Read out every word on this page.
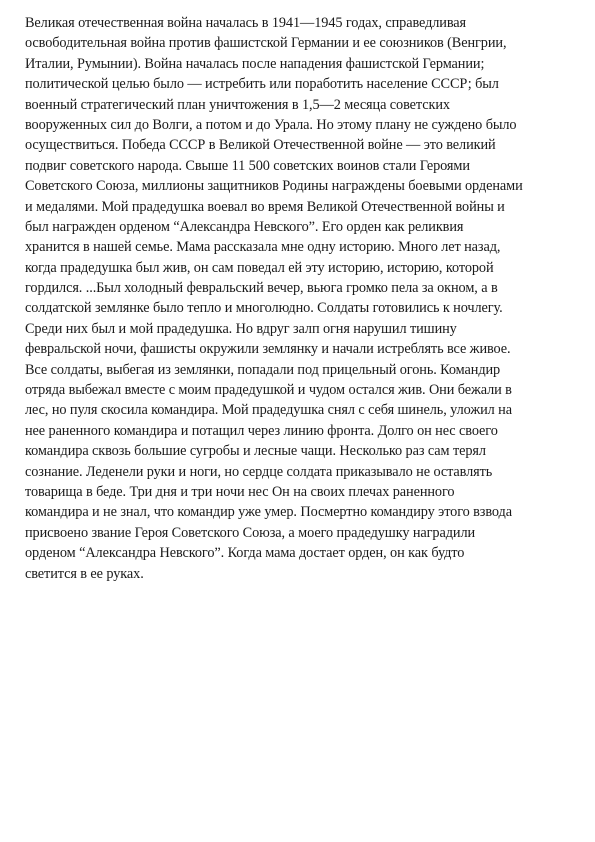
Великая отечественная война началась в 1941—1945 годах, справедливая
освободительная война против фашистской Германии и ее союзников (Венгрии,
Италии, Румынии). Война началась после нападения фашистской Германии;
политической целью было — истребить или поработить население СССР; был
военный стратегический план уничтожения в 1,5—2 месяца советских
вооруженных сил до Волги, а потом и до Урала. Но этому плану не суждено было
осуществиться. Победа СССР в Великой Отечественной войне — это великий
подвиг советского народа. Свыше 11 500 советских воинов стали Героями
Советского Союза, миллионы защитников Родины награждены боевыми орденами
и медалями. Мой прадедушка воевал во время Великой Отечественной войны и
был награжден орденом “Александра Невского”. Его орден как реликвия
хранится в нашей семье. Мама рассказала мне одну историю. Много лет назад,
когда прадедушка был жив, он сам поведал ей эту историю, историю, которой
гордился. ...Был холодный февральский вечер, вьюга громко пела за окном, а в
солдатской землянке было тепло и многолюдно. Солдаты готовились к ночлегу.
Среди них был и мой прадедушка. Но вдруг залп огня нарушил тишину
февральской ночи, фашисты окружили землянку и начали истреблять все живое.
Все солдаты, выбегая из землянки, попадали под прицельный огонь. Командир
отряда выбежал вместе с моим прадедушкой и чудом остался жив. Они бежали в
лес, но пуля скосила командира. Мой прадедушка снял с себя шинель, уложил на
нее раненного командира и потащил через линию фронта. Долго он нес своего
командира сквозь большие сугробы и лесные чащи. Несколько раз сам терял
сознание. Леденели руки и ноги, но сердце солдата приказывало не оставлять
товарища в беде. Три дня и три ночи нес Он на своих плечах раненного
командира и не знал, что командир уже умер. Посмертно командиру этого взвода
присвоено звание Героя Советского Союза, а моего прадедушку наградили
орденом “Александра Невского”. Когда мама достает орден, он как будто
светится в ее руках.
